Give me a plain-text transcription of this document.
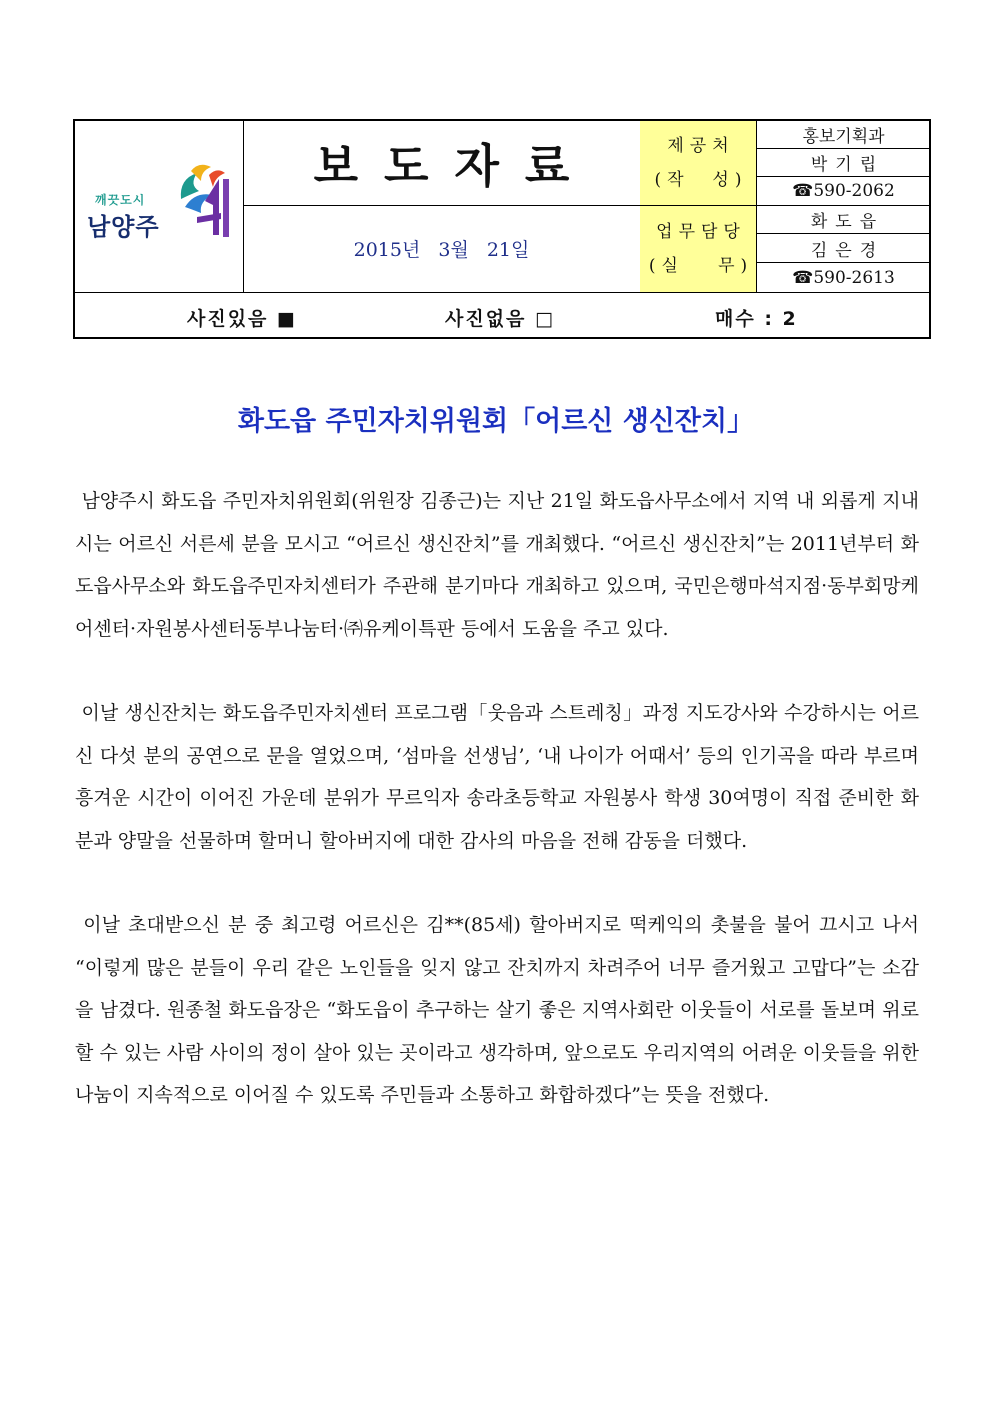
깨끗도시
남양주
보도자료
2015년 3월 21일
제공처
(작  성)
업무담당
(실   무)
홍보기획과
박기립
☎590-2062
화도읍
김은경
☎590-2613
사진있음 ■	사진없음 □	매수 : 2
화도읍 주민자치위원회「어르신 생신잔치」

남양주시 화도읍 주민자치위원회(위원장 김종근)는 지난 21일 화도읍사무소에서 지역 내 외롭게 지내시는 어르신 서른세 분을 모시고 “어르신 생신잔치”를 개최했다. “어르신 생신잔치”는 2011년부터 화도읍사무소와 화도읍주민자치센터가 주관해 분기마다 개최하고 있으며, 국민은행마석지점·동부회망케어센터·자원봉사센터동부나눔터·㈜유케이특판 등에서 도움을 주고 있다.

이날 생신잔치는 화도읍주민자치센터 프로그램「웃음과 스트레칭」과정 지도강사와 수강하시는 어르신 다섯 분의 공연으로 문을 열었으며, ‘섬마을 선생님’, ‘내 나이가 어때서’ 등의 인기곡을 따라 부르며 흥겨운 시간이 이어진 가운데 분위가 무르익자 송라초등학교 자원봉사 학생 30여명이 직접 준비한 화분과 양말을 선물하며 할머니 할아버지에 대한 감사의 마음을 전해 감동을 더했다.

이날 초대받으신 분 중 최고령 어르신은 김**(85세) 할아버지로 떡케익의 촛불을 불어 끄시고 나서 “이렇게 많은 분들이 우리 같은 노인들을 잊지 않고 잔치까지 차려주어 너무 즐거웠고 고맙다”는 소감을 남겼다. 원종철 화도읍장은 “화도읍이 추구하는 살기 좋은 지역사회란 이웃들이 서로를 돌보며 위로할 수 있는 사람 사이의 정이 살아 있는 곳이라고 생각하며, 앞으로도 우리지역의 어려운 이웃들을 위한 나눔이 지속적으로 이어질 수 있도록 주민들과 소통하고 화합하겠다”는 뜻을 전했다.
